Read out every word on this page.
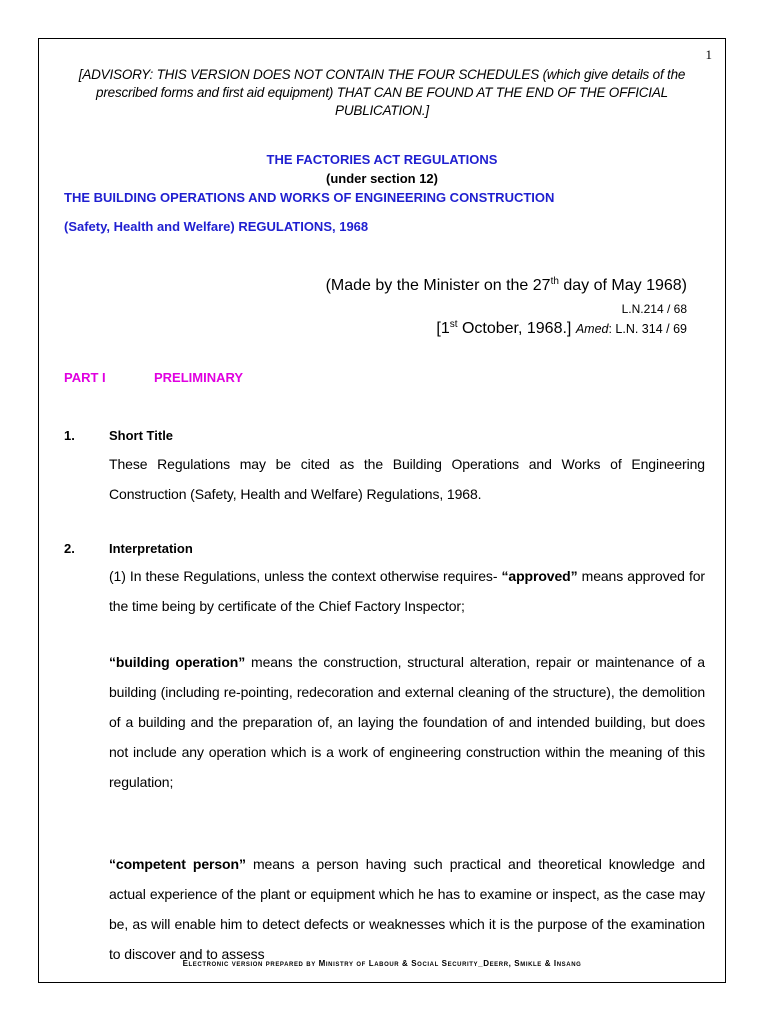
1
[ADVISORY: THIS VERSION DOES NOT CONTAIN THE FOUR SCHEDULES (which give details of the prescribed forms and first aid equipment) THAT CAN BE FOUND AT THE END OF THE OFFICIAL PUBLICATION.]
THE FACTORIES ACT REGULATIONS
(under section 12)
THE BUILDING OPERATIONS AND WORKS OF ENGINEERING CONSTRUCTION
(Safety, Health and Welfare) REGULATIONS, 1968
(Made by the Minister on the 27th day of May 1968)
L.N.214 / 68
[1st October, 1968.] Amed: L.N. 314 / 69
PART I	PRELIMINARY
1.	Short Title
These Regulations may be cited as the Building Operations and Works of Engineering Construction (Safety, Health and Welfare) Regulations, 1968.
2.	Interpretation
(1) In these Regulations, unless the context otherwise requires- “approved” means approved for the time being by certificate of the Chief Factory Inspector;
“building operation” means the construction, structural alteration, repair or maintenance of a building (including re-pointing, redecoration and external cleaning of the structure), the demolition of a building and the preparation of, an laying the foundation of and intended building, but does not include any operation which is a work of engineering construction within the meaning of this regulation;
“competent person” means a person having such practical and theoretical knowledge and actual experience of the plant or equipment which he has to examine or inspect, as the case may be, as will enable him to detect defects or weaknesses which it is the purpose of the examination to discover and to assess
Electronic version prepared by Ministry of Labour & Social Security_Deerr, Smikle & Insang
